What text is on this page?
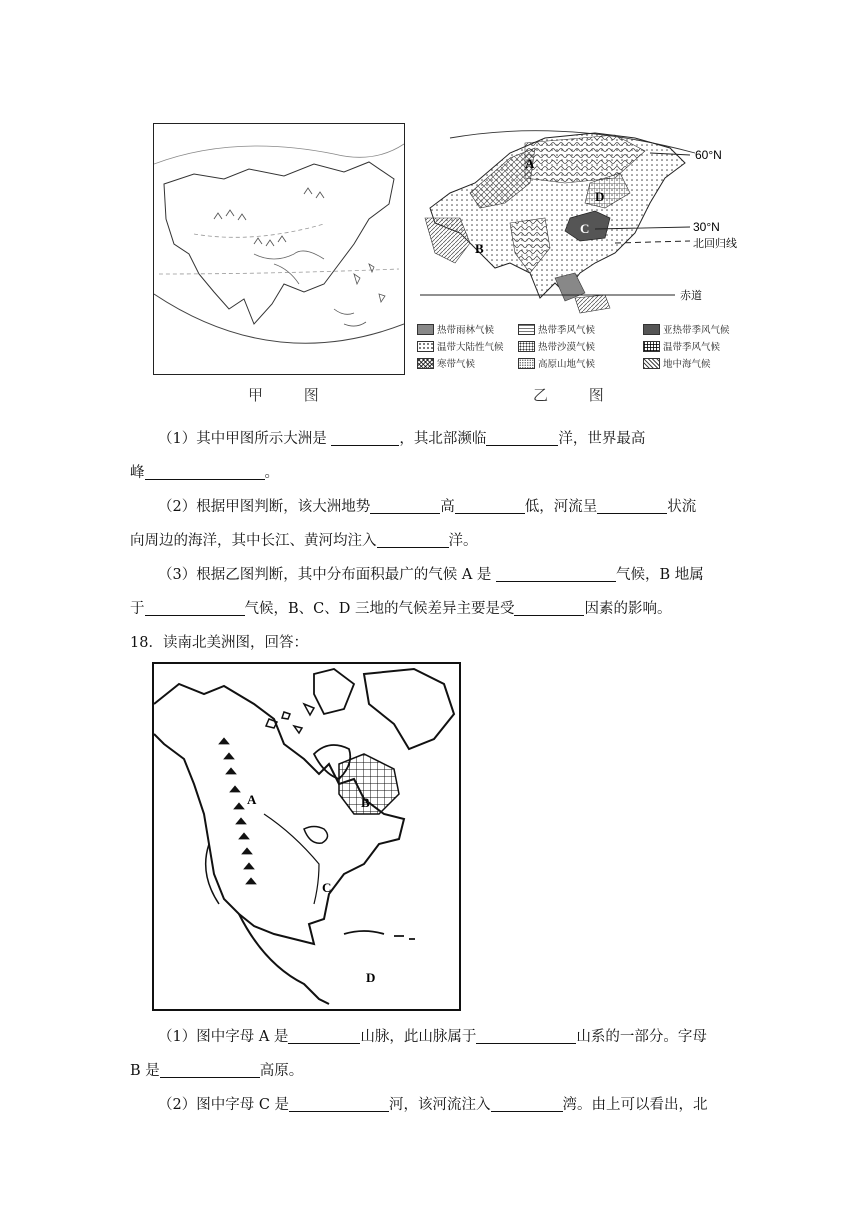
A
B
C
D
60°N
30°N
北回归线
赤道
热带雨林气候	热带季风气候	亚热带季风气候
温带大陆性气候	热带沙漠气候	温带季风气候
寒带气候	高原山地气候	地中海气候
甲 图	乙 图

（1）其中甲图所示大洲是	，其北部濒临	洋，世界最高

峰	。

（2）根据甲图判断，该大洲地势	高	低，河流呈	状流

向周边的海洋，其中长江、黄河均注入	洋。

（3）根据乙图判断，其中分布面积最广的气候 A 是	气候，B 地属

于	气候，B、C、D 三地的气候差异主要是受	因素的影响。

18．读南北美洲图，回答：

A	B
C
D

（1）图中字母 A 是	山脉，此山脉属于	山系的一部分。字母

B 是	高原。

（2）图中字母 C 是	河，该河流注入	湾。由上可以看出，北
